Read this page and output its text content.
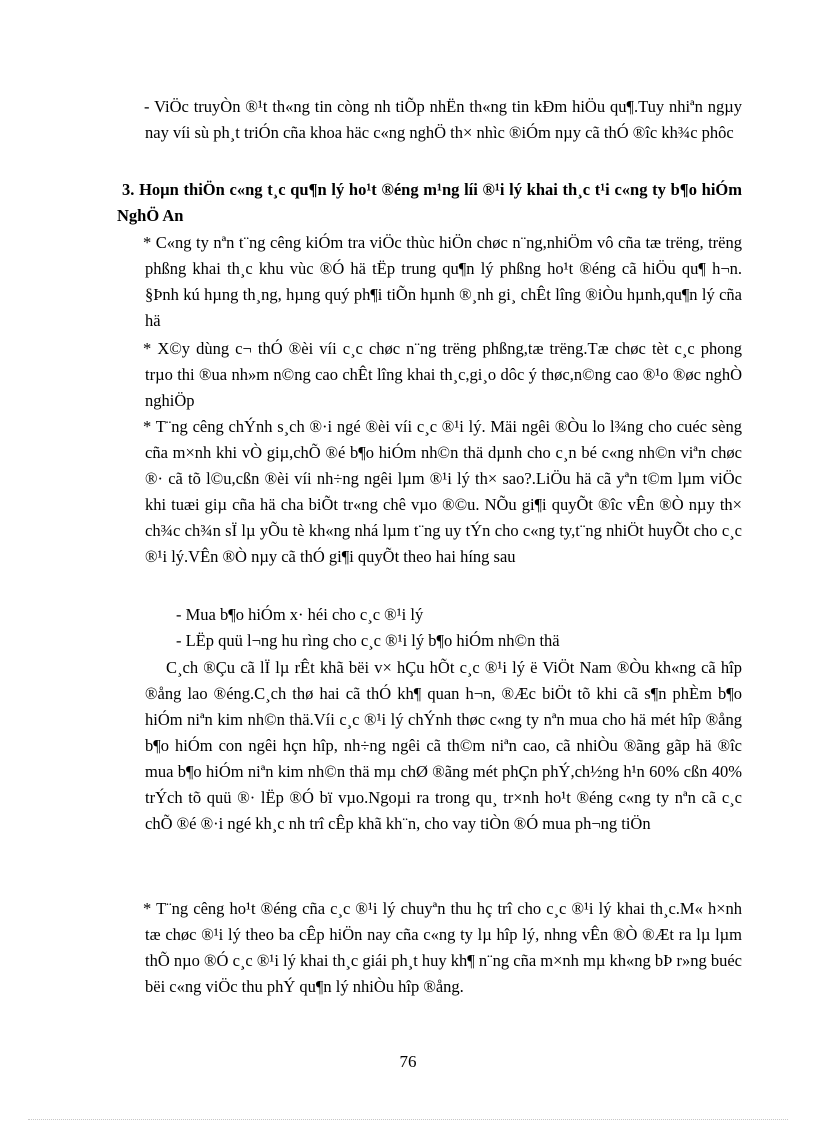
- ViÖc truyÒn ®¹t th«ng tin còng nh tiÕp nhËn th«ng tin kÐm hiÖu qu¶.Tuy nhiªn ngµy nay víi sù ph¸t triÓn cña khoa häc c«ng nghÖ th× nhìc ®iÓm nµy cã thÓ ®îc kh¾c phôc

3. Hoµn thiÖn c«ng t¸c qu¶n lý ho¹t ®éng m¹ng líi ®¹i lý khai th¸c t¹i c«ng ty b¶o hiÓm NghÖ An

* C«ng ty nªn t¨ng cêng kiÓm tra viÖc thùc hiÖn chøc n¨ng,nhiÖm vô cña tæ trëng, trëng phßng khai th¸c khu vùc ®Ó hä tËp trung qu¶n lý phßng ho¹t ®éng cã hiÖu qu¶ h¬n. §Þnh kú hµng th¸ng, hµng quý ph¶i tiÕn hµnh ®¸nh gi¸ chÊt lîng ®iÒu hµnh,qu¶n lý cña hä

* X©y dùng c¬ thÓ ®èi víi c¸c chøc n¨ng trëng phßng,tæ trëng.Tæ chøc tèt c¸c phong trµo thi ®ua nh»m n©ng cao chÊt lîng khai th¸c,gi¸o dôc ý thøc,n©ng cao ®¹o ®øc nghÒ nghiÖp

* T¨ng cêng chÝnh s¸ch ®·i ngé ®èi víi c¸c ®¹i lý. Mäi ngêi ®Òu lo l¾ng cho cuéc sèng cña m×nh khi vÒ giµ,chÕ ®é b¶o hiÓm nh©n thä dµnh cho c¸n bé c«ng nh©n viªn chøc ®· cã tõ l©u,cßn ®èi víi nh÷ng ngêi lµm ®¹i lý th× sao?.LiÖu hä cã yªn t©m lµm viÖc khi tuæi giµ cña hä cha biÕt tr«ng chê vµo ®©u. NÕu gi¶i quyÕt ®îc vÊn ®Ò nµy th× ch¾c ch¾n sÏ lµ yÕu tè kh«ng nhá lµm t¨ng uy tÝn cho c«ng ty,t¨ng nhiÖt huyÕt cho c¸c ®¹i lý.VÊn ®Ò nµy cã thÓ gi¶i quyÕt theo hai híng sau

- Mua b¶o hiÓm x· héi cho c¸c ®¹i lý

- LËp quü l¬ng hu rìng cho c¸c ®¹i lý b¶o hiÓm nh©n thä

C¸ch ®Çu cã lÏ lµ rÊt khã bëi v× hÇu hÕt c¸c ®¹i lý ë ViÖt Nam ®Òu kh«ng cã hîp ®ång lao ®éng.C¸ch thø hai cã thÓ kh¶ quan h¬n, ®Æc biÖt tõ khi cã s¶n phÈm b¶o hiÓm niªn kim nh©n thä.Víi c¸c ®¹i lý chÝnh thøc c«ng ty nªn mua cho hä mét hîp ®ång b¶o hiÓm con ngêi hçn hîp, nh÷ng ngêi cã th©m niªn cao, cã nhiÒu ®ãng gãp hä ®îc mua b¶o hiÓm niªn kim nh©n thä mµ chØ ®ãng mét phÇn phÝ,ch½ng h¹n 60% cßn 40% trÝch tõ quü ®· lËp ®Ó bï vµo.Ngoµi ra trong qu¸ tr×nh ho¹t ®éng c«ng ty nªn cã c¸c chÕ ®é ®·i ngé kh¸c nh trî cÊp khã kh¨n, cho vay tiÒn ®Ó mua ph¬ng tiÖn

* T¨ng cêng ho¹t ®éng cña c¸c ®¹i lý chuyªn thu hç trî cho c¸c ®¹i lý khai th¸c.M« h×nh tæ chøc ®¹i lý theo ba cÊp hiÖn nay cña c«ng ty lµ hîp lý, nhng vÊn ®Ò ®Æt ra lµ lµm thÕ nµo ®Ó c¸c ®¹i lý khai th¸c giái ph¸t huy kh¶ n¨ng cña m×nh mµ kh«ng bÞ r»ng buéc bëi c«ng viÖc thu phÝ qu¶n lý nhiÒu hîp ®ång.

76
